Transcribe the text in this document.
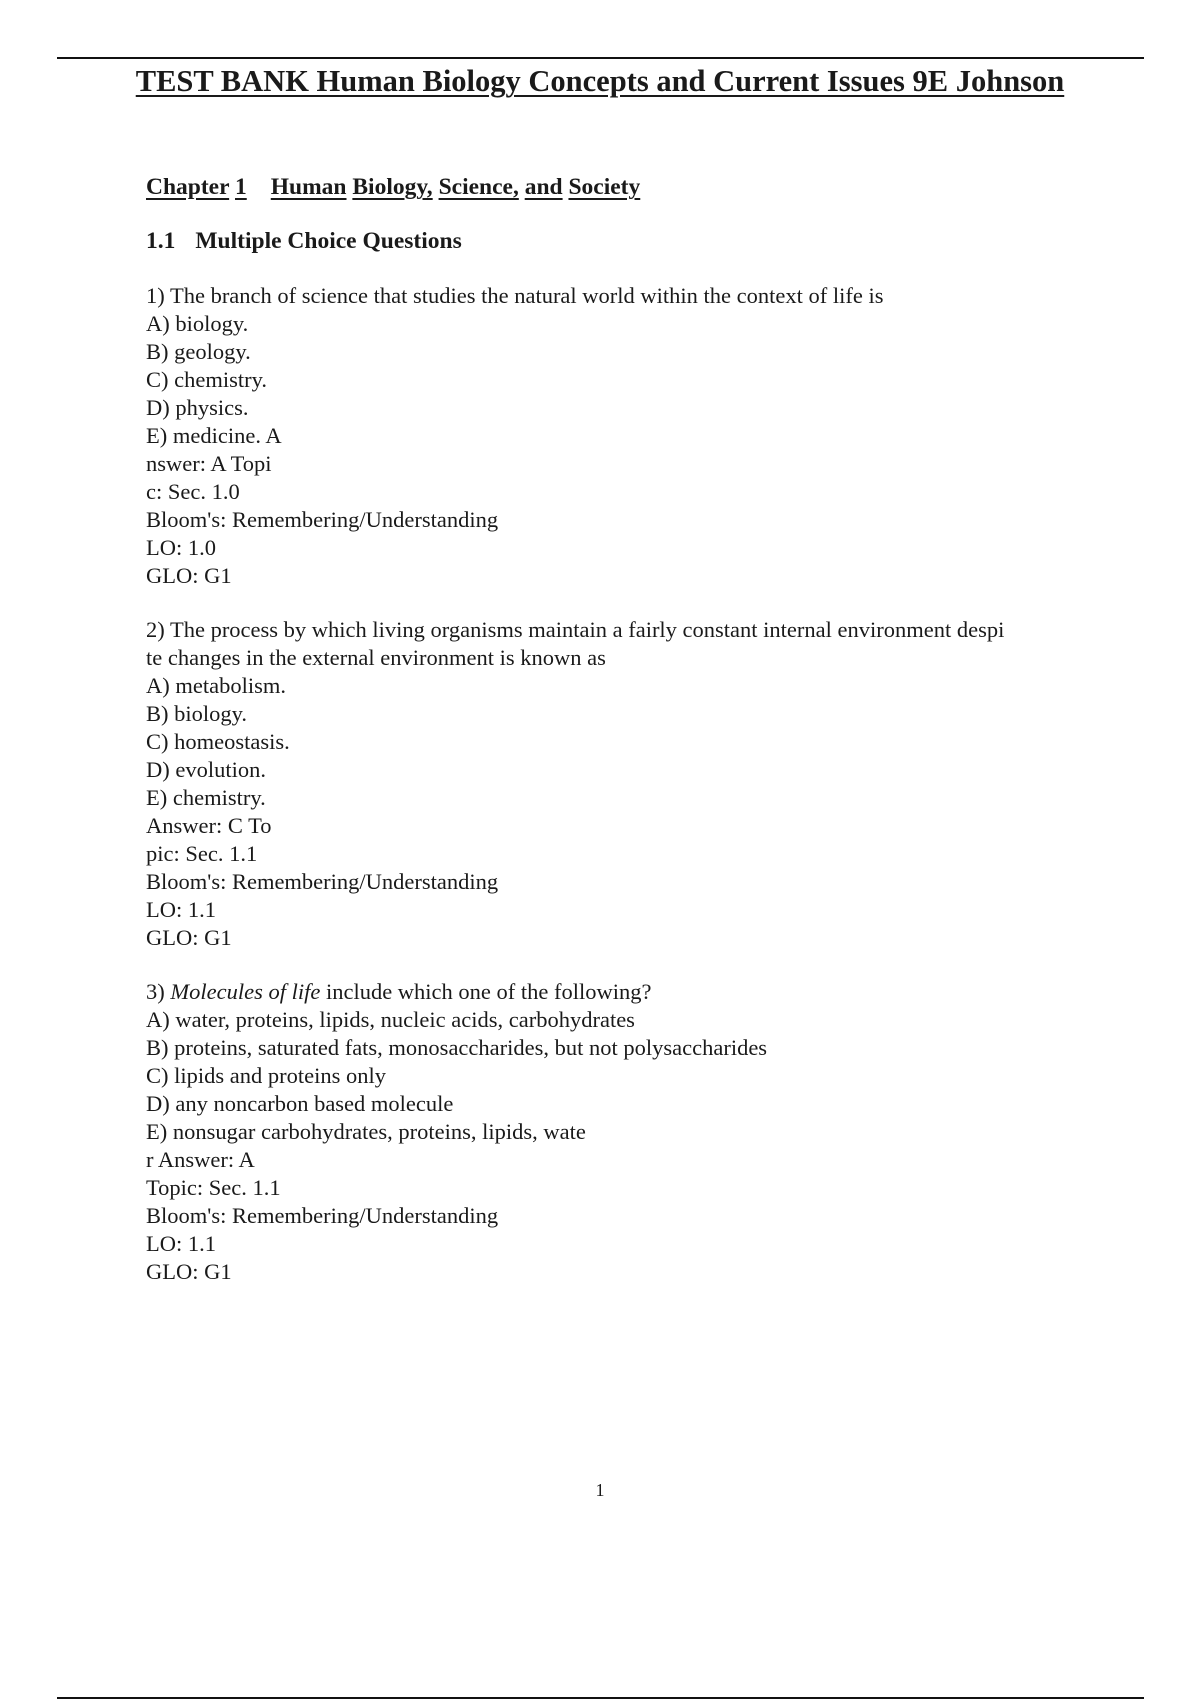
TEST BANK Human Biology Concepts and Current Issues 9E Johnson
Chapter 1 Human Biology, Science, and Society
1.1 Multiple Choice Questions
1) The branch of science that studies the natural world within the context of life is
A) biology.
B) geology.
C) chemistry.
D) physics.
E) medicine. A
nswer: A Topi
c: Sec. 1.0
Bloom's: Remembering/Understanding
LO: 1.0
GLO: G1
2) The process by which living organisms maintain a fairly constant internal environment despi
te changes in the external environment is known as
A) metabolism.
B) biology.
C) homeostasis.
D) evolution.
E) chemistry.
Answer: C To
pic: Sec. 1.1
Bloom's: Remembering/Understanding
LO: 1.1
GLO: G1
3) Molecules of life include which one of the following?
A) water, proteins, lipids, nucleic acids, carbohydrates
B) proteins, saturated fats, monosaccharides, but not polysaccharides
C) lipids and proteins only
D) any noncarbon based molecule
E) nonsugar carbohydrates, proteins, lipids, wate
r Answer: A
Topic: Sec. 1.1
Bloom's: Remembering/Understanding
LO: 1.1
GLO: G1
1
